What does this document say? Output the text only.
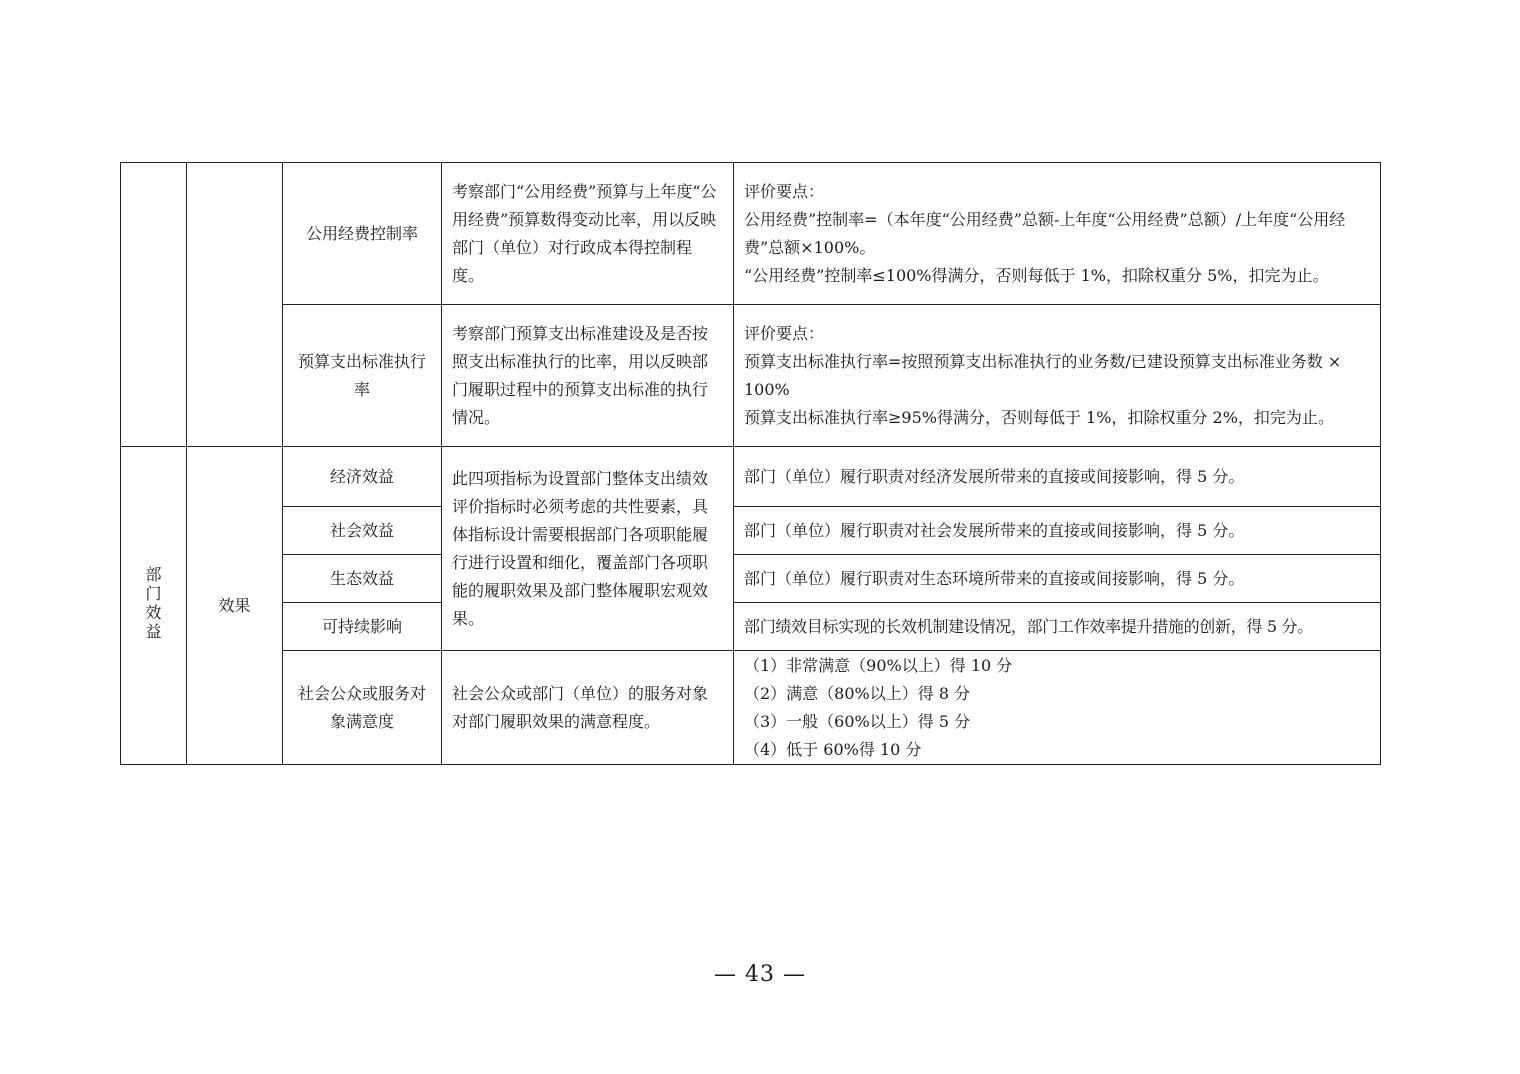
		公用经费控制率	考察部门“公用经费”预算与上年度“公用经费”预算数得变动比率，用以反映部门（单位）对行政成本得控制程度。	评价要点：
公用经费”控制率=（本年度“公用经费”总额-上年度“公用经费”总额）/上年度“公用经费”总额×100%。
“公用经费”控制率≤100%得满分，否则每低于 1%，扣除权重分 5%，扣完为止。

		预算支出标准执行率	考察部门预算支出标准建设及是否按照支出标准执行的比率，用以反映部门履职过程中的预算支出标准的执行情况。	评价要点：
预算支出标准执行率=按照预算支出标准执行的业务数/已建设预算支出标准业务数 × 100%
预算支出标准执行率≥95%得满分，否则每低于 1%，扣除权重分 2%，扣完为止。

部门效益	效果	经济效益	此四项指标为设置部门整体支出绩效评价指标时必须考虑的共性要素，具体指标设计需要根据部门各项职能履行进行设置和细化，覆盖部门各项职能的履职效果及部门整体履职宏观效果。	部门（单位）履行职责对经济发展所带来的直接或间接影响，得 5 分。
		社会效益		部门（单位）履行职责对社会发展所带来的直接或间接影响，得 5 分。
		生态效益		部门（单位）履行职责对生态环境所带来的直接或间接影响，得 5 分。
		可持续影响		部门绩效目标实现的长效机制建设情况，部门工作效率提升措施的创新，得 5 分。
		社会公众或服务对象满意度	社会公众或部门（单位）的服务对象对部门履职效果的满意程度。	（1）非常满意（90%以上）得 10 分
（2）满意（80%以上）得 8 分
（3）一般（60%以上）得 5 分
（4）低于 60%得 10 分
— 43 —
